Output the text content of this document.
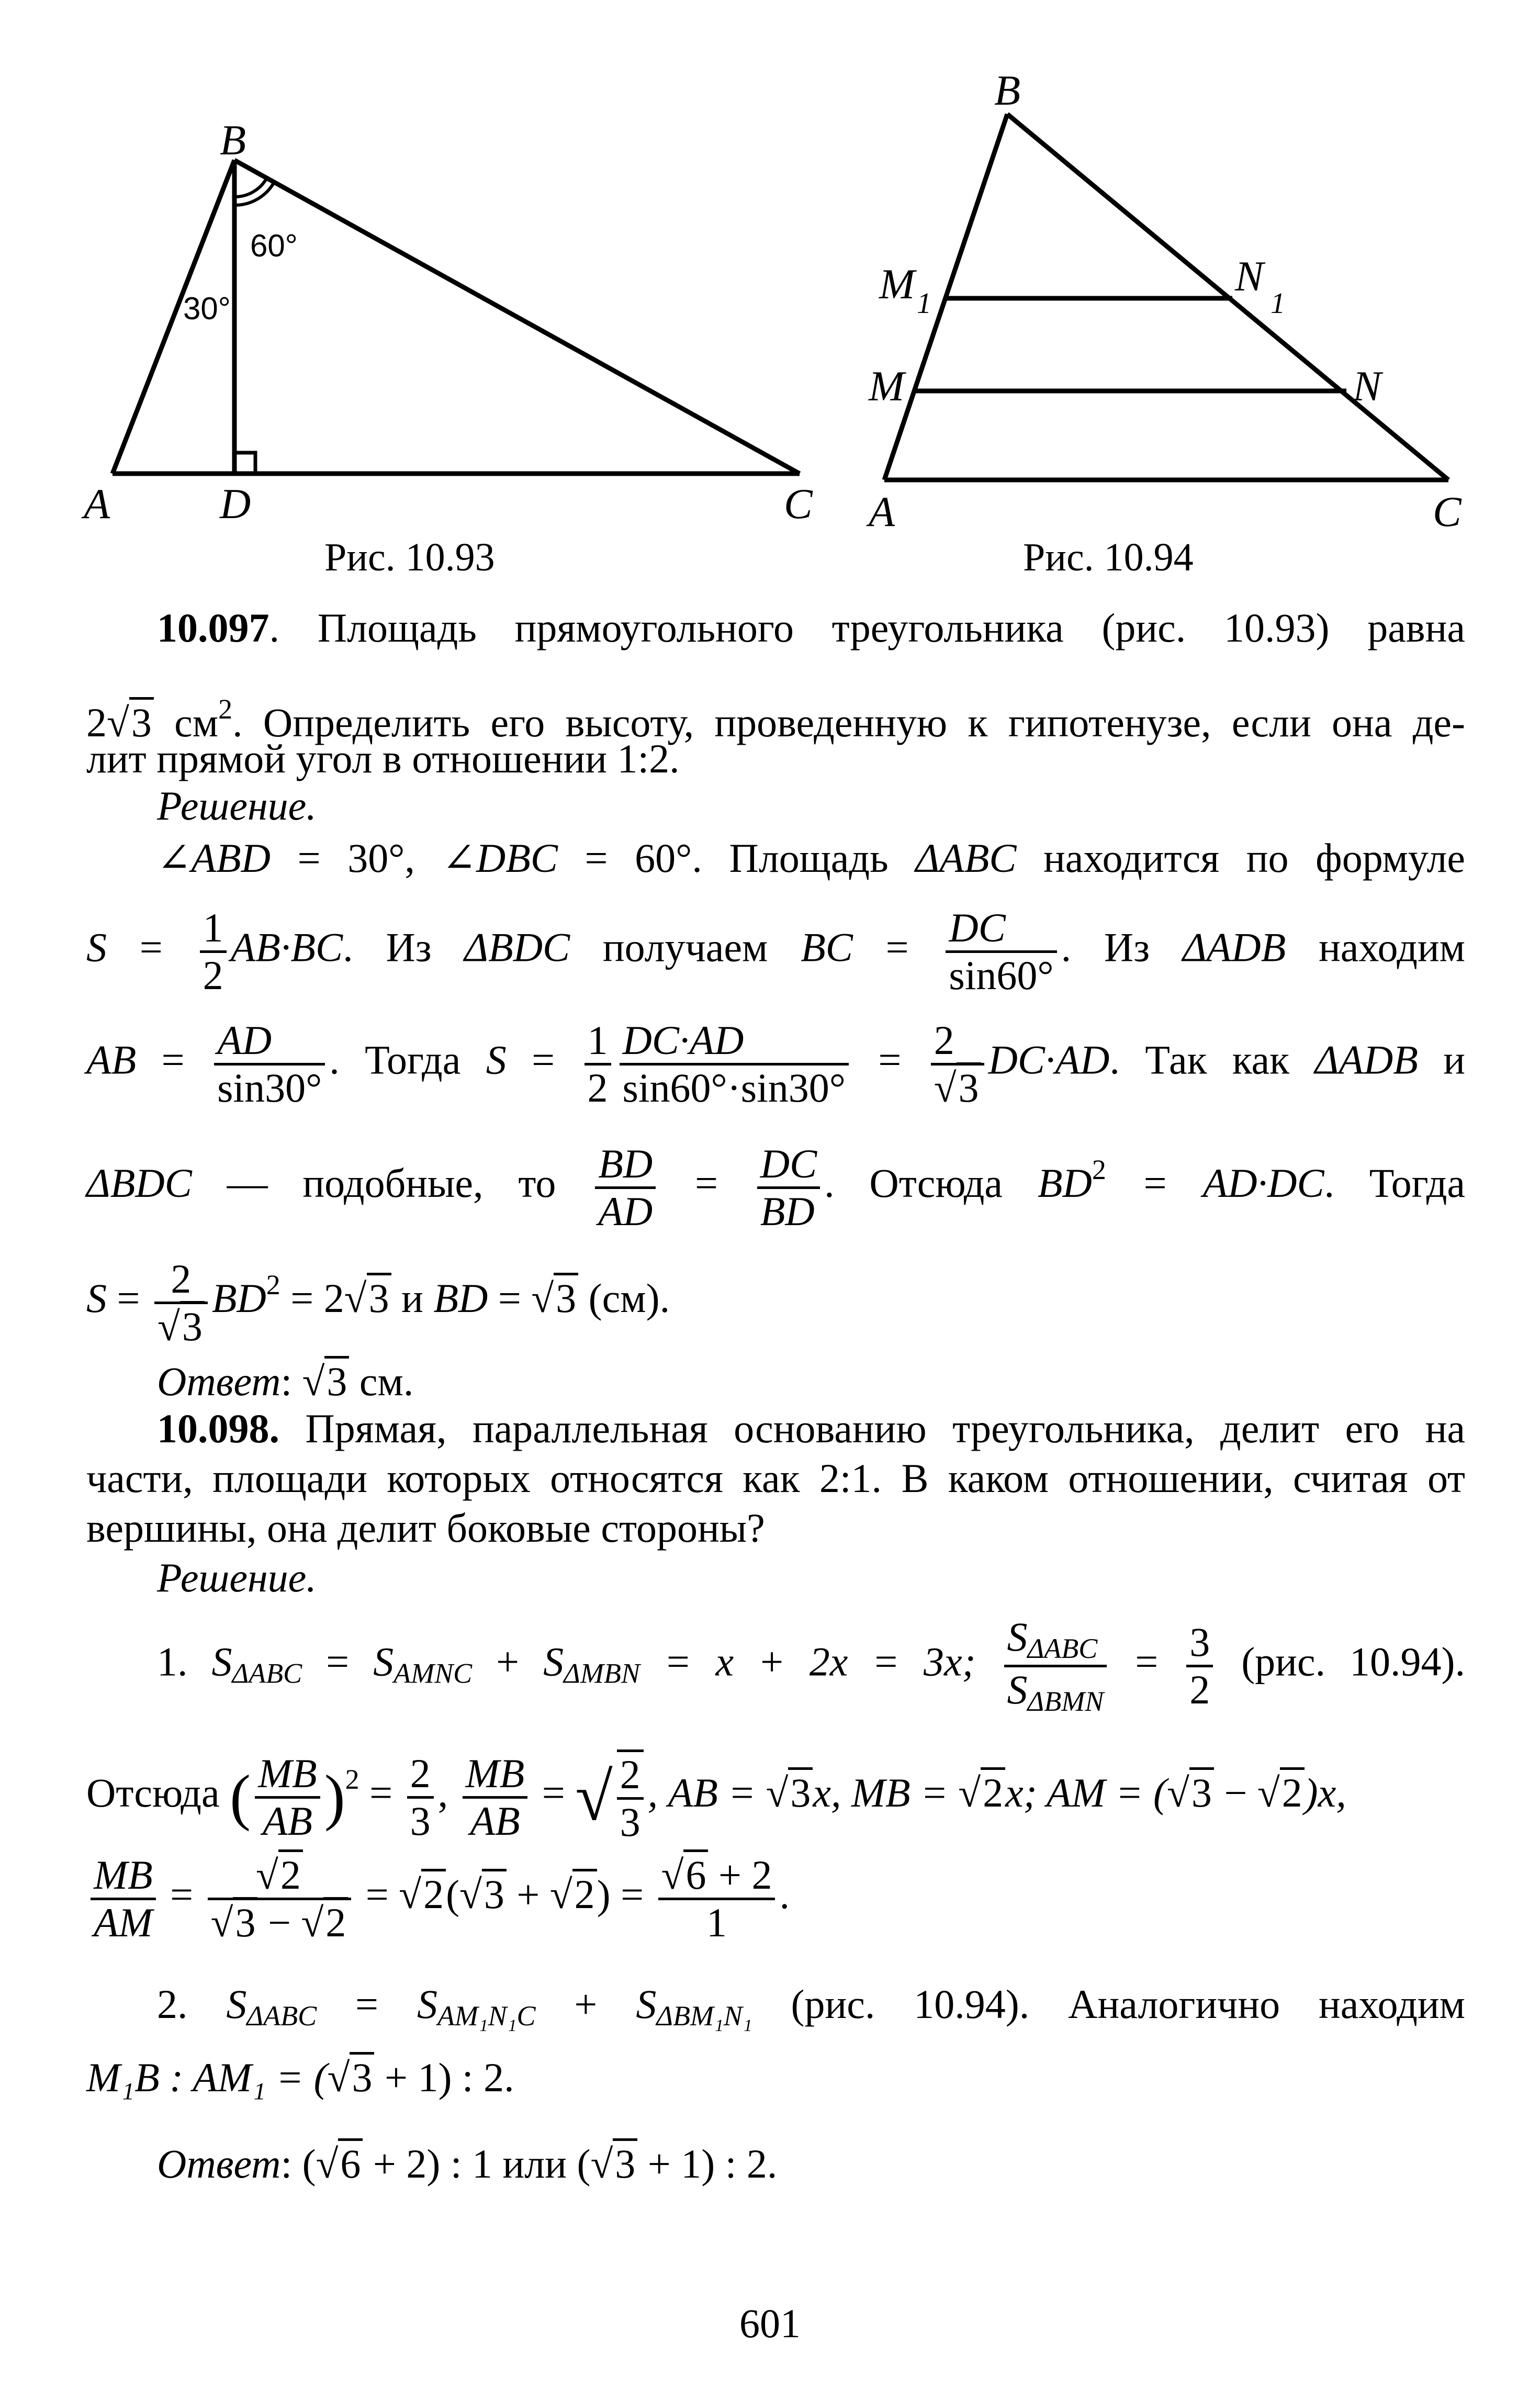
B
A	D	C
30°
60°
Рис. 10.93
B
A	C
M	N
M 1
N
1
Рис. 10.94
10.097. Площадь прямоугольного треугольника (рис. 10.93) равна
2√3 $см^2$. Определить его высоту, проведенную к гипотенузе, если она де-
лит прямой угол в отношении 1:2.
Решение.
∠ABD = 30°, ∠DBC = 60°. Площадь ΔABC находится по формуле
$S = \frac{1}{2} AB\cdot BC$. Из ΔBDC получаем BC = $\frac{DC}{\sin 60^\circ}$ . Из ΔADB находим
AB = $\frac{AD}{\sin 30^\circ}$ . Тогда $S = \frac{1}{2} \frac{DC\cdot AD}{\sin 60^\circ\cdot\sin 30^\circ} = \frac{2}{√3} DC\cdot AD$. Так как ΔADB и
ΔBDC — подобные, то $\frac{BD}{AD} = \frac{DC}{BD}$ . Отсюда $BD^2 = AD\cdot DC$. Тогда
$S = \frac{2}{√3} BD^2 = 2√3$ и BD = √3 (см).
Ответ: √3 см.
10.098. Прямая, параллельная основанию треугольника, делит его на
части, площади которых относятся как 2:1. В каком отношении, считая от
вершины, она делит боковые стороны?
Решение.
1. $S_{\Delta ABC} = S_{AMNC} + S_{\Delta MBN} = x + 2x = 3x$;
$S_{\Delta ABC}$
$S_{\Delta BMN}$
= $\frac{3}{2} (рис$. 10.94).
Отсюда ( $\frac{MB}{AB} )^2 = \frac{2}{3}$ , $\frac{MB}{AB}$ = √ $\frac{2}{3}$ , AB = √3x, MB = √2x; AM = (√3 − √2)x,
$\frac{MB}{AM} = \frac{√2}{√3 - √2} = √2(√3 + √2) = \frac{√6 + 2}{1}$ .
2. $S_{\Delta ABC} = S_{AM_1N_1C} + S_{\Delta BM_1N_1}$ (рис. 10.94). Аналогично находим
M₁B : AM₁ = (√3 + 1) : 2.
Ответ: (√6 + 2) : 1 или (√3 + 1) : 2.
601
